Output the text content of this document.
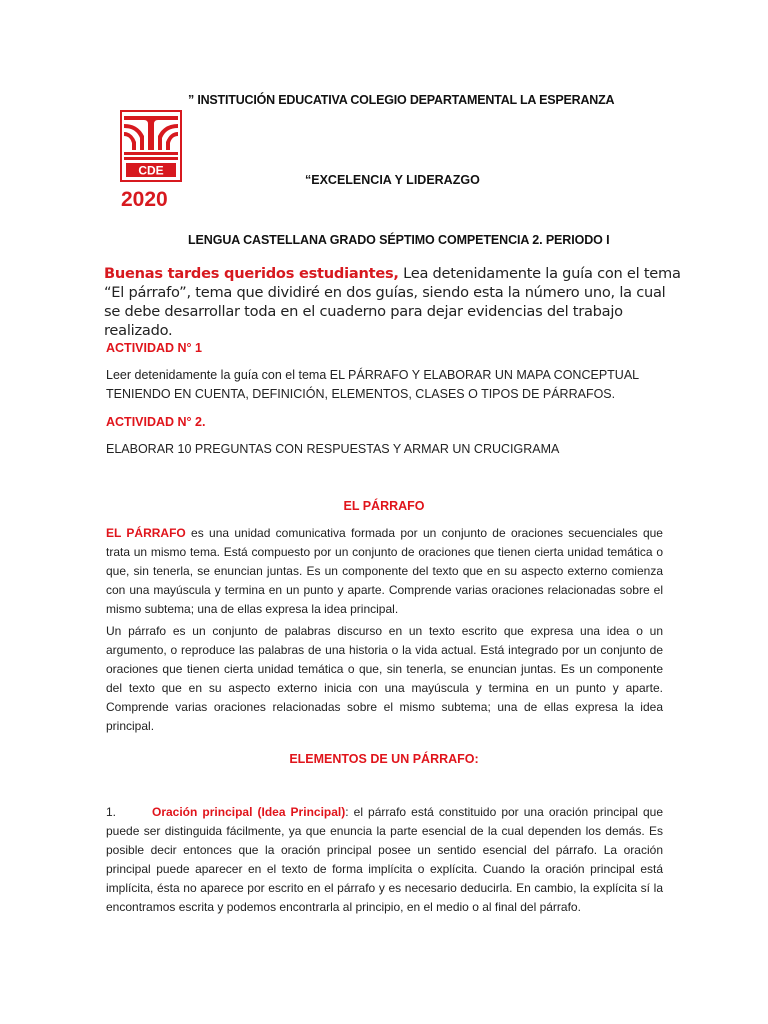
” INSTITUCIÓN EDUCATIVA COLEGIO DEPARTAMENTAL LA ESPERANZA
CDE
2020
“EXCELENCIA Y LIDERAZGO
LENGUA CASTELLANA GRADO SÉPTIMO COMPETENCIA 2. PERIODO I
Buenas tardes queridos estudiantes, Lea detenidamente la guía con el tema “El párrafo”, tema que dividiré en dos guías, siendo esta la número uno, la cual se debe desarrollar toda en el cuaderno para dejar evidencias del trabajo realizado.
ACTIVIDAD N° 1
Leer detenidamente la guía con el tema EL PÁRRAFO Y ELABORAR UN MAPA CONCEPTUAL TENIENDO EN CUENTA, DEFINICIÓN, ELEMENTOS, CLASES O TIPOS DE PÁRRAFOS.
ACTIVIDAD N° 2.
ELABORAR 10 PREGUNTAS CON RESPUESTAS Y ARMAR UN CRUCIGRAMA
EL PÁRRAFO
EL PÁRRAFO es una unidad comunicativa formada por un conjunto de oraciones secuenciales que trata un mismo tema. Está compuesto por un conjunto de oraciones que tienen cierta unidad temática o que, sin tenerla, se enuncian juntas. Es un componente del texto que en su aspecto externo comienza con una mayúscula y termina en un punto y aparte. Comprende varias oraciones relacionadas sobre el mismo subtema; una de ellas expresa la idea principal.
Un párrafo es un conjunto de palabras discurso en un texto escrito que expresa una idea o un argumento, o reproduce las palabras de una historia o la vida actual. Está integrado por un conjunto de oraciones que tienen cierta unidad temática o que, sin tenerla, se enuncian juntas. Es un componente del texto que en su aspecto externo inicia con una mayúscula y termina en un punto y aparte. Comprende varias oraciones relacionadas sobre el mismo subtema; una de ellas expresa la idea principal.
ELEMENTOS DE UN PÁRRAFO:
1.	Oración principal (Idea Principal): el párrafo está constituido por una oración principal que puede ser distinguida fácilmente, ya que enuncia la parte esencial de la cual dependen los demás. Es posible decir entonces que la oración principal posee un sentido esencial del párrafo. La oración principal puede aparecer en el texto de forma implícita o explícita. Cuando la oración principal está implícita, ésta no aparece por escrito en el párrafo y es necesario deducirla. En cambio, la explícita sí la encontramos escrita y podemos encontrarla al principio, en el medio o al final del párrafo.
